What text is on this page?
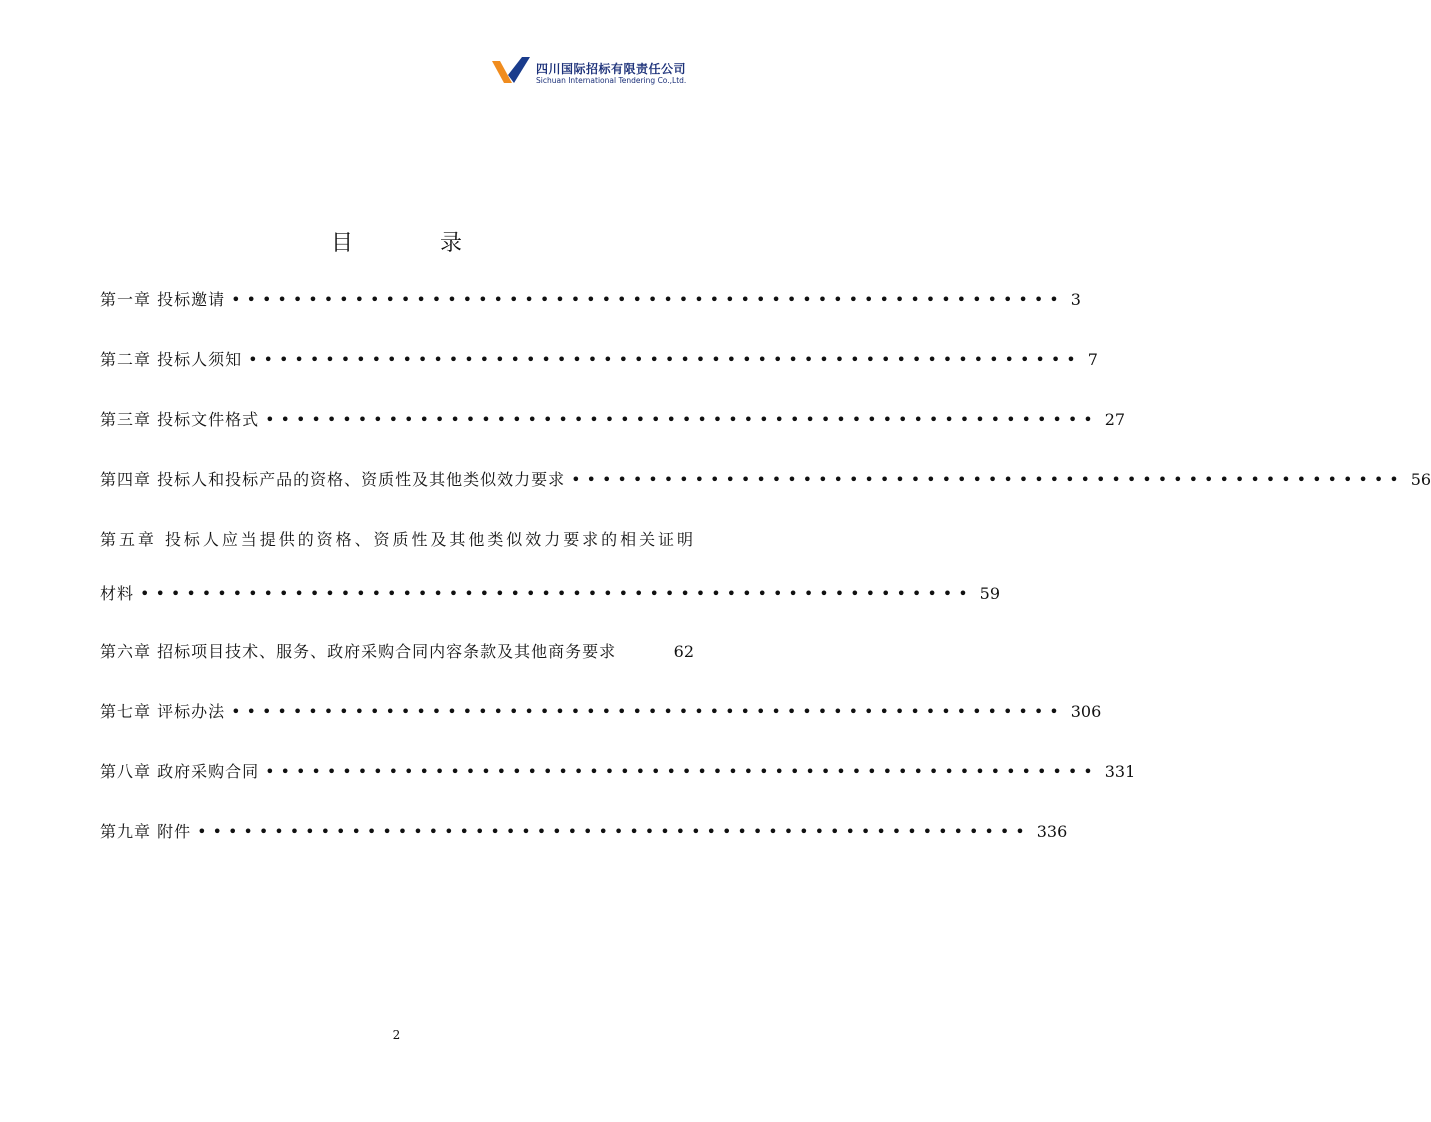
四川国际招标有限责任公司
Sichuan International Tendering Co.,Ltd.
目 录
第一章 投标邀请 •••••••••••••••••••••••••••••••••••••••••••••••••••••• 3
第二章 投标人须知 •••••••••••••••••••••••••••••••••••••••••••••••••••••• 7
第三章 投标文件格式 •••••••••••••••••••••••••••••••••••••••••••••••••••••• 27
第四章 投标人和投标产品的资格、资质性及其他类似效力要求 •••••••••••••••••••••••••••••••••••••••••••••••••••••• 56
第五章 投标人应当提供的资格、资质性及其他类似效力要求的相关证明
材料 •••••••••••••••••••••••••••••••••••••••••••••••••••••• 59
第六章 招标项目技术、服务、政府采购合同内容条款及其他商务要求	62
第七章 评标办法 •••••••••••••••••••••••••••••••••••••••••••••••••••••• 306
第八章 政府采购合同 •••••••••••••••••••••••••••••••••••••••••••••••••••••• 331
第九章 附件 •••••••••••••••••••••••••••••••••••••••••••••••••••••• 336
2
